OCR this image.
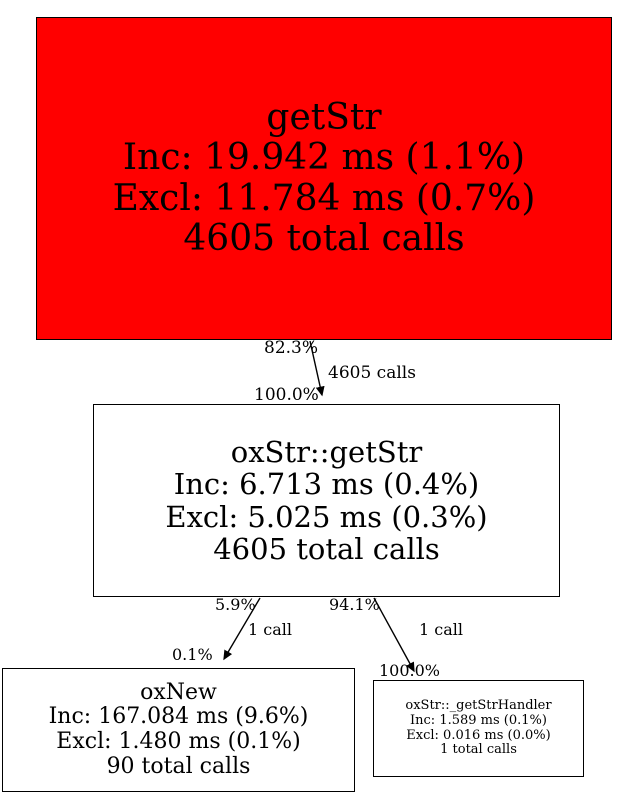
getStr
Inc: 19.942 ms (1.1%)
Excl: 11.784 ms (0.7%)
4605 total calls
oxStr::getStr
Inc: 6.713 ms (0.4%)
Excl: 5.025 ms (0.3%)
4605 total calls
oxNew
Inc: 167.084 ms (9.6%)
Excl: 1.480 ms (0.1%)
90 total calls
oxStr::_getStrHandler
Inc: 1.589 ms (0.1%)
Excl: 0.016 ms (0.0%)
1 total calls
82.3%
4605 calls
100.0%
5.9%
1 call
0.1%
94.1%
1 call
100.0%
